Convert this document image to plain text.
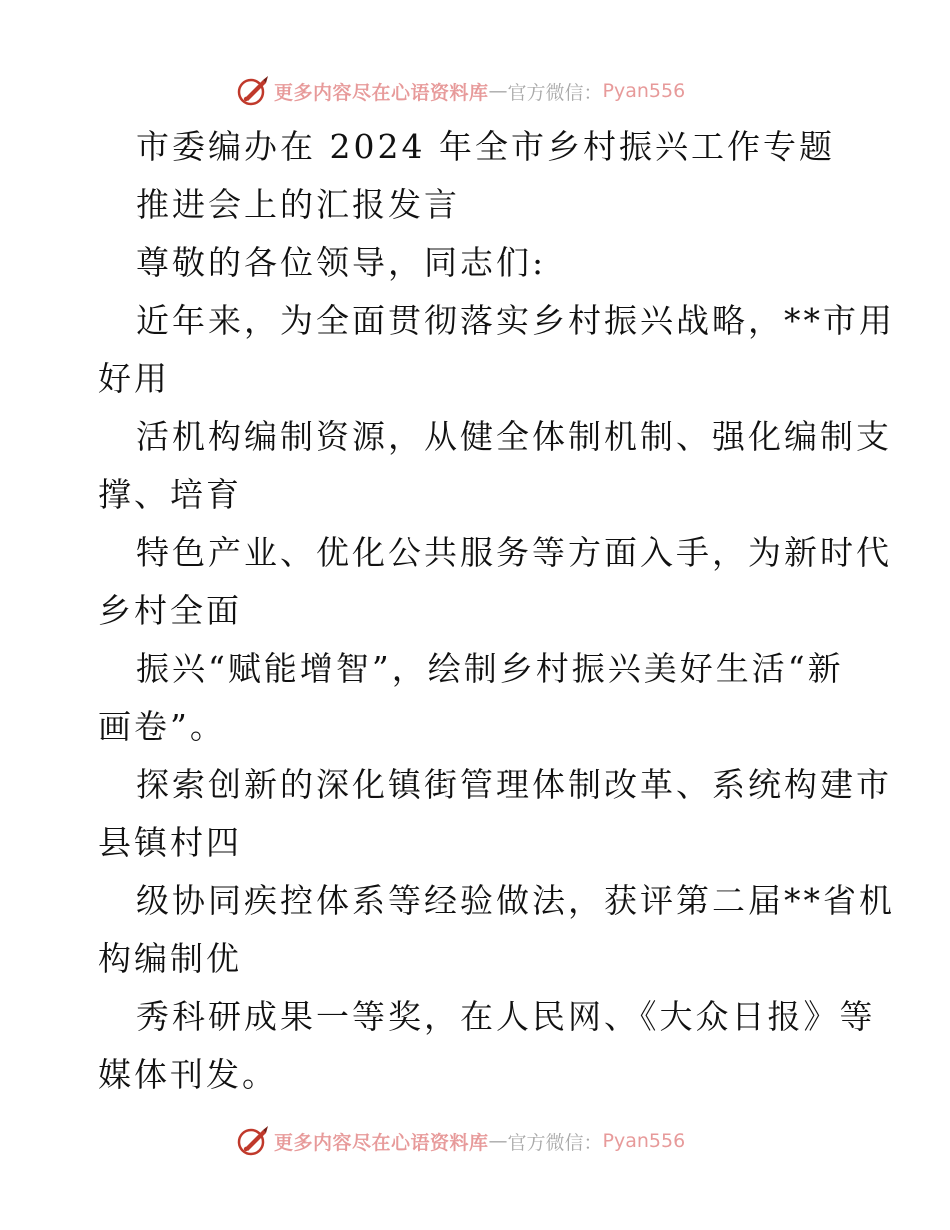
更多内容尽在心语资料库 — 官方微信： Pyan556
市委编办在 2024 年全市乡村振兴工作专题
推进会上的汇报发言
尊敬的各位领导，同志们:
近年来，为全面贯彻落实乡村振兴战略，**市用
好用
活机构编制资源，从健全体制机制、强化编制支
撑、培育
特色产业、优化公共服务等方面入手，为新时代
乡村全面
振兴“赋能增智”，绘制乡村振兴美好生活“新
画卷”。
探索创新的深化镇街管理体制改革、系统构建市
县镇村四
级协同疾控体系等经验做法，获评第二届**省机
构编制优
秀科研成果一等奖，在人民网、《大众日报》等
媒体刊发。
更多内容尽在心语资料库 — 官方微信： Pyan556
